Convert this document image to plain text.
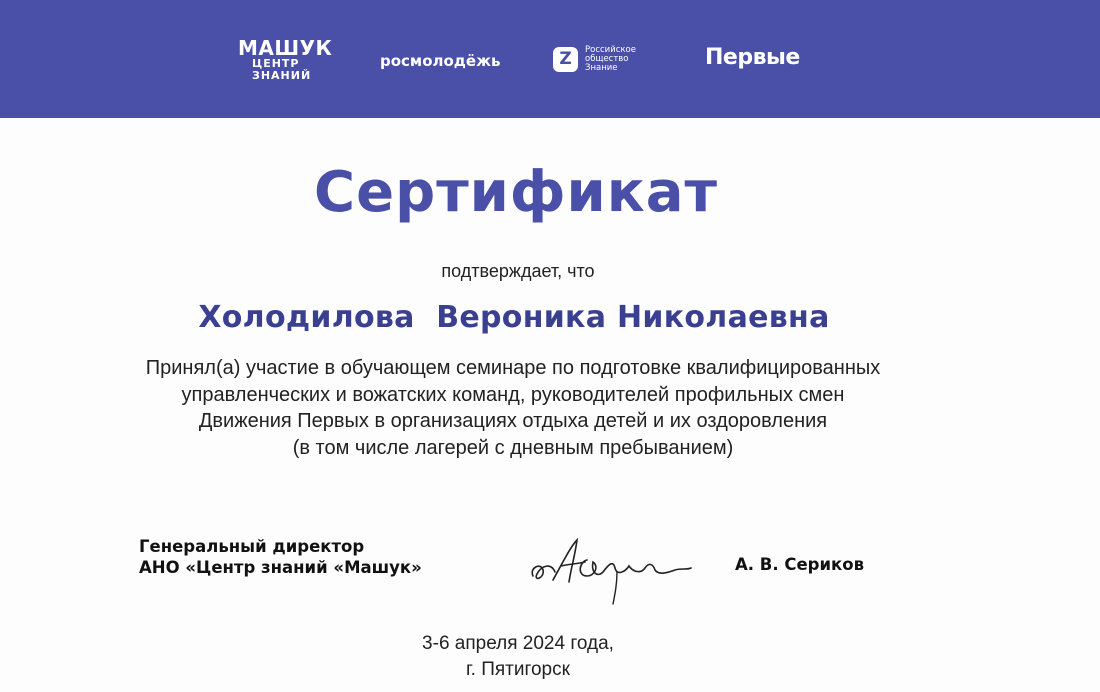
МАШУК
ЦЕНТР
ЗНАНИЙ
росмолодёжь	Z	Российское
общество
Знание	Первые
Сертификат
подтверждает, что
Холодилова  Вероника Николаевна
Принял(а) участие в обучающем семинаре по подготовке квалифицированных
управленческих и вожатских команд, руководителей профильных смен
Движения Первых в организациях отдыха детей и их оздоровления
(в том числе лагерей с дневным пребыванием)
Генеральный директор
АНО «Центр знаний «Машук»	А. В. Сериков
3-6 апреля 2024 года,
г. Пятигорск
